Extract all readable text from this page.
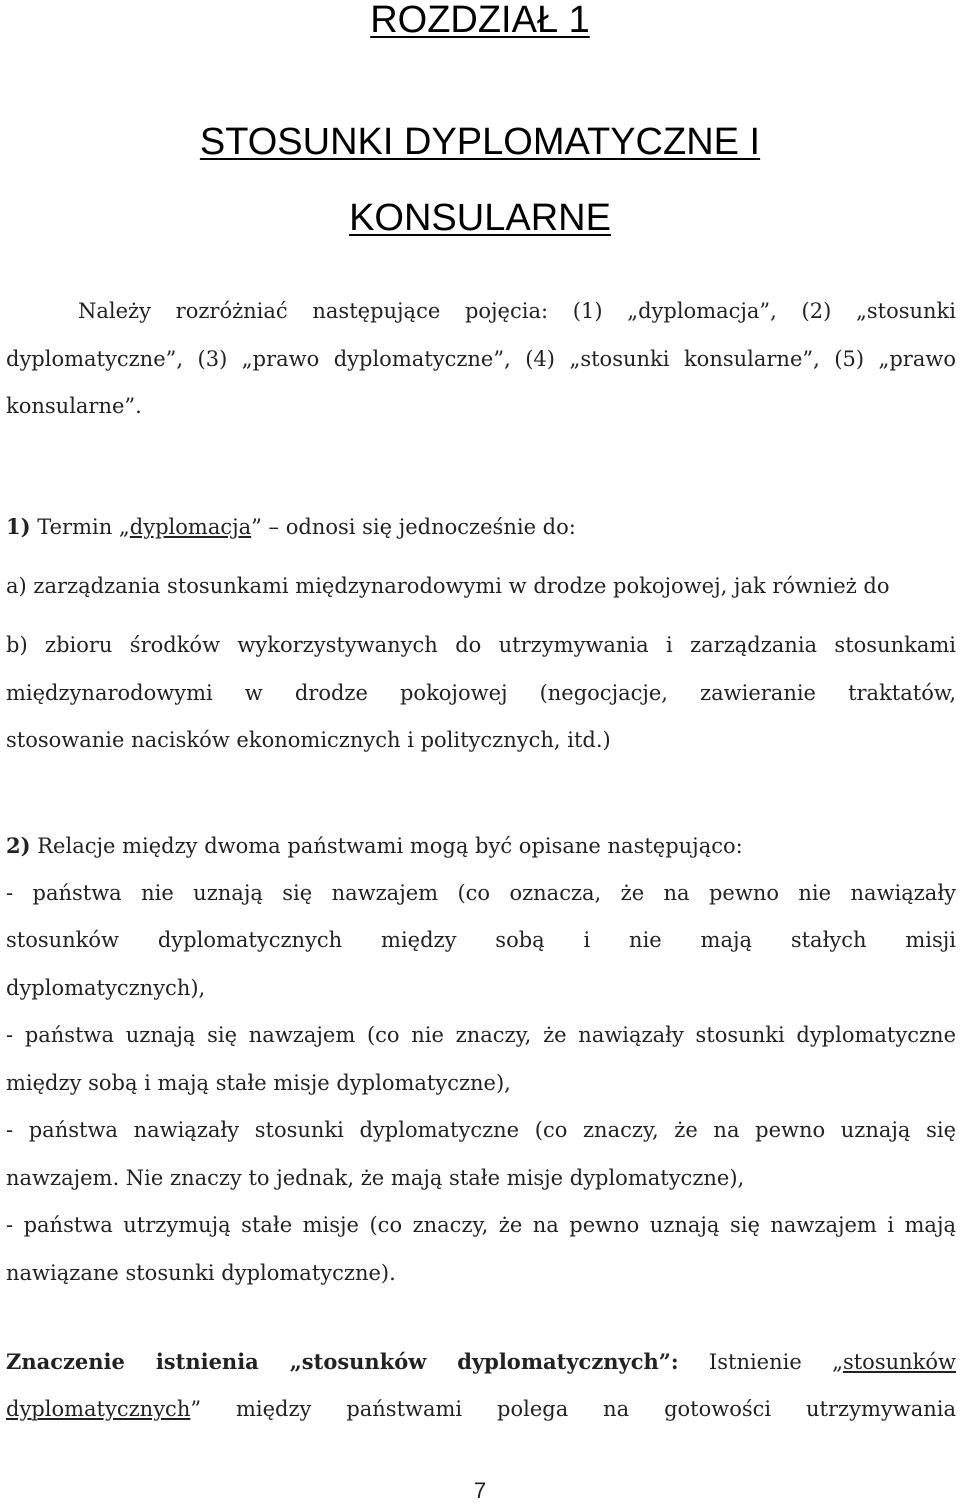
ROZDZIAŁ 1
STOSUNKI DYPLOMATYCZNE I
KONSULARNE
Należy rozróżniać następujące pojęcia: (1) „dyplomacja”, (2) „stosunki
dyplomatyczne”, (3) „prawo dyplomatyczne”, (4) „stosunki konsularne”, (5) „prawo
konsularne”.
1) Termin „dyplomacja” – odnosi się jednocześnie do:
a) zarządzania stosunkami międzynarodowymi w drodze pokojowej, jak również do
b) zbioru środków wykorzystywanych do utrzymywania i zarządzania stosunkami
międzynarodowymi w drodze pokojowej (negocjacje, zawieranie traktatów,
stosowanie nacisków ekonomicznych i politycznych, itd.)
2) Relacje między dwoma państwami mogą być opisane następująco:
- państwa nie uznają się nawzajem (co oznacza, że na pewno nie nawiązały
stosunków dyplomatycznych między sobą i nie mają stałych misji
dyplomatycznych),
- państwa uznają się nawzajem (co nie znaczy, że nawiązały stosunki dyplomatyczne
między sobą i mają stałe misje dyplomatyczne),
- państwa nawiązały stosunki dyplomatyczne (co znaczy, że na pewno uznają się
nawzajem. Nie znaczy to jednak, że mają stałe misje dyplomatyczne),
- państwa utrzymują stałe misje (co znaczy, że na pewno uznają się nawzajem i mają
nawiązane stosunki dyplomatyczne).
Znaczenie istnienia „stosunków dyplomatycznych”: Istnienie „stosunków
dyplomatycznych” między państwami polega na gotowości utrzymywania
7
